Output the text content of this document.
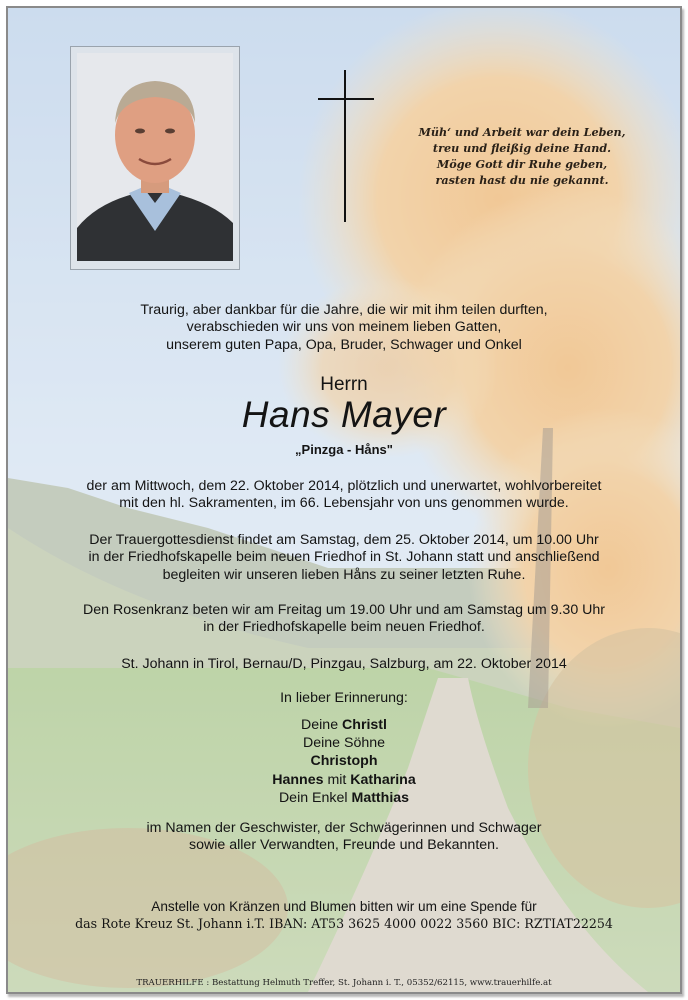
Müh‘ und Arbeit war dein Leben,
treu und fleißig deine Hand.
Möge Gott dir Ruhe geben,
rasten hast du nie gekannt.
Traurig, aber dankbar für die Jahre, die wir mit ihm teilen durften,
verabschieden wir uns von meinem lieben Gatten,
unserem guten Papa, Opa, Bruder, Schwager und Onkel
Herrn
Hans Mayer
„Pinzga - Håns"
der am Mittwoch, dem 22. Oktober 2014, plötzlich und unerwartet, wohlvorbereitet
mit den hl. Sakramenten, im 66. Lebensjahr von uns genommen wurde.
Der Trauergottesdienst findet am Samstag, dem 25. Oktober 2014, um 10.00 Uhr
in der Friedhofskapelle beim neuen Friedhof in St. Johann statt und anschließend
begleiten wir unseren lieben Håns zu seiner letzten Ruhe.
Den Rosenkranz beten wir am Freitag um 19.00 Uhr und am Samstag um 9.30 Uhr
in der Friedhofskapelle beim neuen Friedhof.
St. Johann in Tirol, Bernau/D, Pinzgau, Salzburg, am 22. Oktober 2014
In lieber Erinnerung:
Deine Christl
Deine Söhne
Christoph
Hannes mit Katharina
Dein Enkel Matthias
im Namen der Geschwister, der Schwägerinnen und Schwager
sowie aller Verwandten, Freunde und Bekannten.
Anstelle von Kränzen und Blumen bitten wir um eine Spende für
das Rote Kreuz St. Johann i.T. IBAN: AT53 3625 4000 0022 3560 BIC: RZTIAT22254
TRAUERHILFE : Bestattung Helmuth Treffer, St. Johann i. T., 05352/62115, www.trauerhilfe.at
